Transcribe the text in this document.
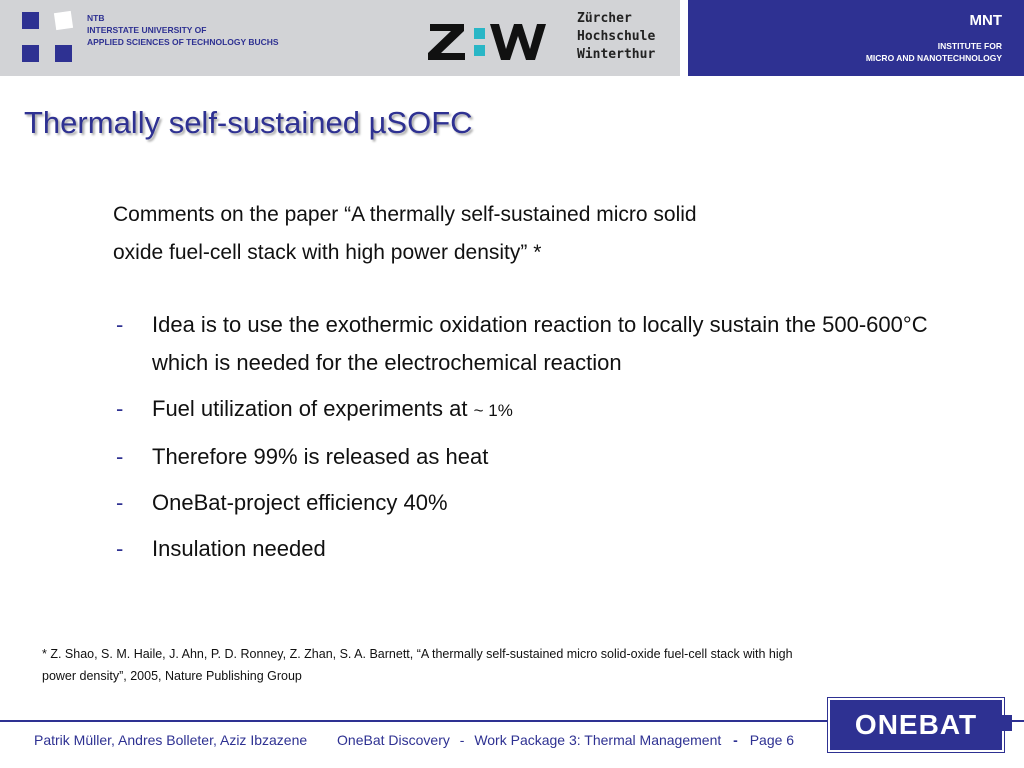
NTB
INTERSTATE UNIVERSITY OF
APPLIED SCIENCES OF TECHNOLOGY BUCHS
Zürcher
Hochschule
Winterthur
MNT
INSTITUTE FOR
MICRO AND NANOTECHNOLOGY
Thermally self-sustained µSOFC
Comments on the paper “A thermally self-sustained micro solid
oxide fuel-cell stack with high power density” *
- Idea is to use the exothermic oxidation reaction to locally sustain the 500-600°C which is needed for the electrochemical reaction
- Fuel utilization of experiments at ~ 1%
- Therefore 99% is released as heat
- OneBat-project efficiency 40%
- Insulation needed
* Z. Shao, S. M. Haile, J. Ahn, P. D. Ronney, Z. Zhan, S. A. Barnett, “A thermally self-sustained micro solid-oxide fuel-cell stack with high
power density”, 2005, Nature Publishing Group
Patrik Müller, Andres Bolleter, Aziz Ibzazene OneBat Discovery - Work Package 3: Thermal Management - Page 6	ONEBAT
